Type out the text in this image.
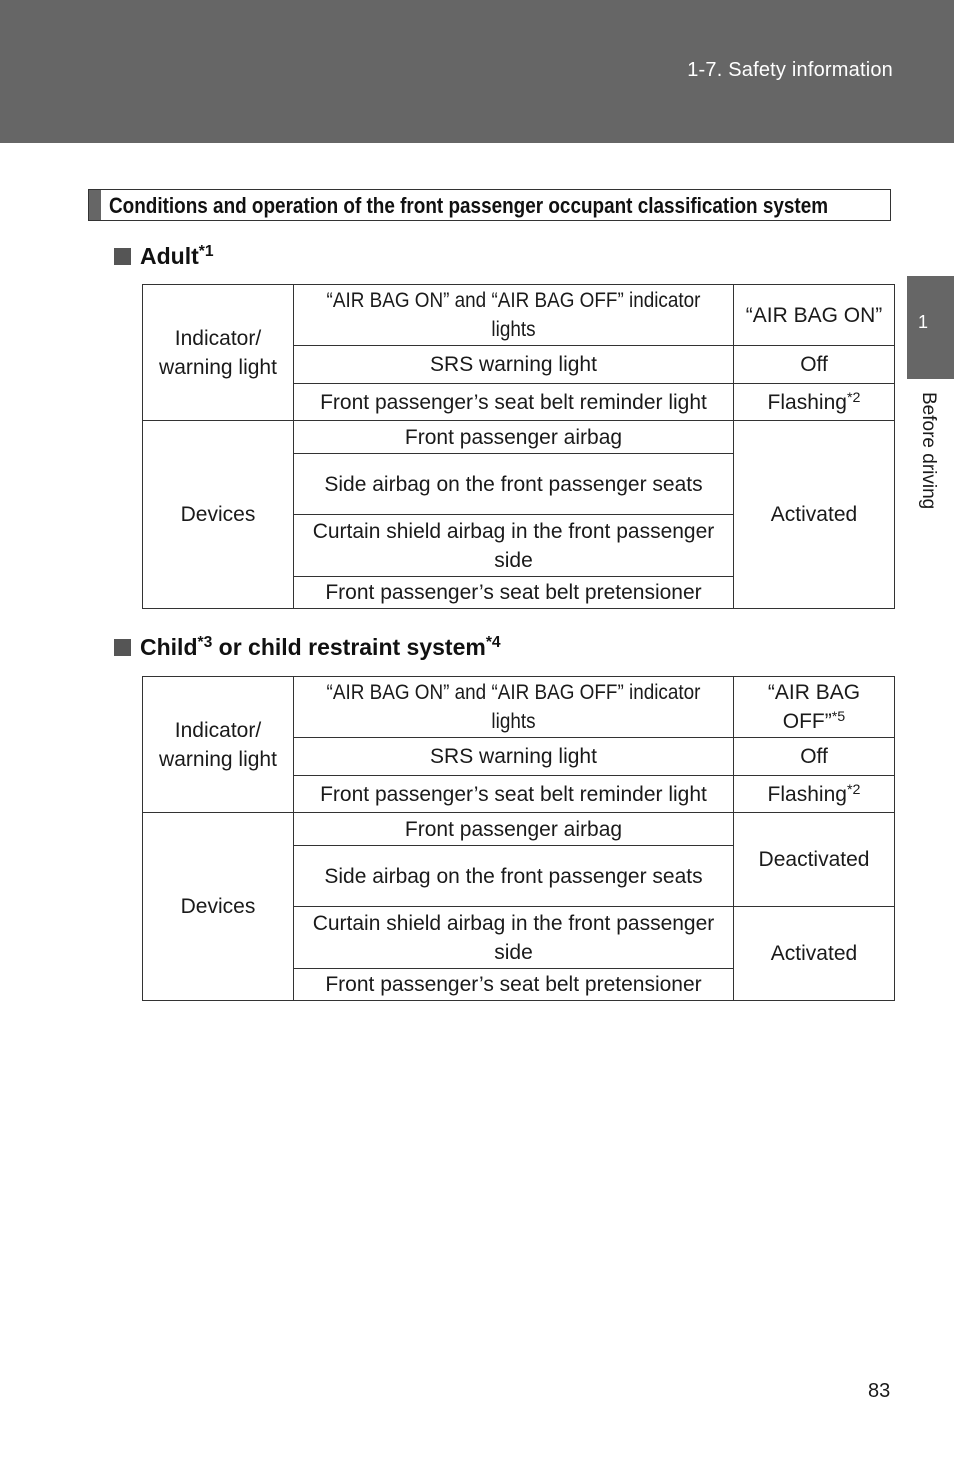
1-7. Safety information
1
Before driving
Conditions and operation of the front passenger occupant classification system
Adult$^{*1}$
Indicator/ warning light	“AIR BAG ON” and “AIR BAG OFF” indicator lights	“AIR BAG ON”
	SRS warning light	Off
	Front passenger’s seat belt reminder light	Flashing$^{*2}$
Devices	Front passenger airbag	Activated
	Side airbag on the front passenger seats	
	Curtain shield airbag in the front passenger side	
	Front passenger’s seat belt pretensioner	
Child$^{*3}$ or child restraint system$^{*4}$
Indicator/ warning light	“AIR BAG ON” and “AIR BAG OFF” indicator lights	“AIR BAG OFF”$^{*5}$
	SRS warning light	Off
	Front passenger’s seat belt reminder light	Flashing$^{*2}$
Devices	Front passenger airbag	Deactivated
	Side airbag on the front passenger seats	
	Curtain shield airbag in the front passenger side	Activated
	Front passenger’s seat belt pretensioner	
83
